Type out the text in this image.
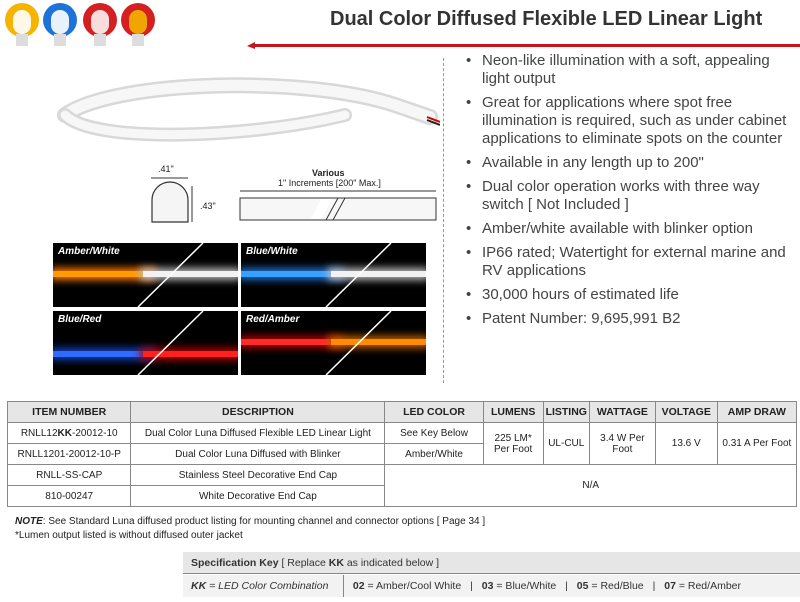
Dual Color Diffused Flexible LED Linear Light
.41"
.43"
Various
1" Increments [200" Max.]
Amber/White	Blue/White
Blue/Red	Red/Amber
• Neon-like illumination with a soft, appealing light output
• Great for applications where spot free illumination is required, such as under cabinet applications to eliminate spots on the counter
• Available in any length up to 200"
• Dual color operation works with three way switch [ Not Included ]
• Amber/white available with blinker option
• IP66 rated; Watertight for external marine and RV applications
• 30,000 hours of estimated life
• Patent Number: 9,695,991 B2
ITEM NUMBER	DESCRIPTION	LED COLOR	LUMENS	LISTING	WATTAGE	VOLTAGE	AMP DRAW
RNLL12KK-20012-10	Dual Color Luna Diffused Flexible LED Linear Light	See Key Below	225 LM* Per Foot	UL-CUL	3.4 W Per Foot	13.6 V	0.31 A Per Foot
RNLL1201-20012-10-P	Dual Color Luna Diffused with Blinker	Amber/White					
RNLL-SS-CAP	Stainless Steel Decorative End Cap	N/A					
810-00247	White Decorative End Cap						
NOTE: See Standard Luna diffused product listing for mounting channel and connector options [ Page 34 ]
*Lumen output listed is without diffused outer jacket
Specification Key [ Replace KK as indicated below ]
KK = LED Color Combination 02 = Amber/Cool White | 03 = Blue/White | 05 = Red/Blue | 07 = Red/Amber
